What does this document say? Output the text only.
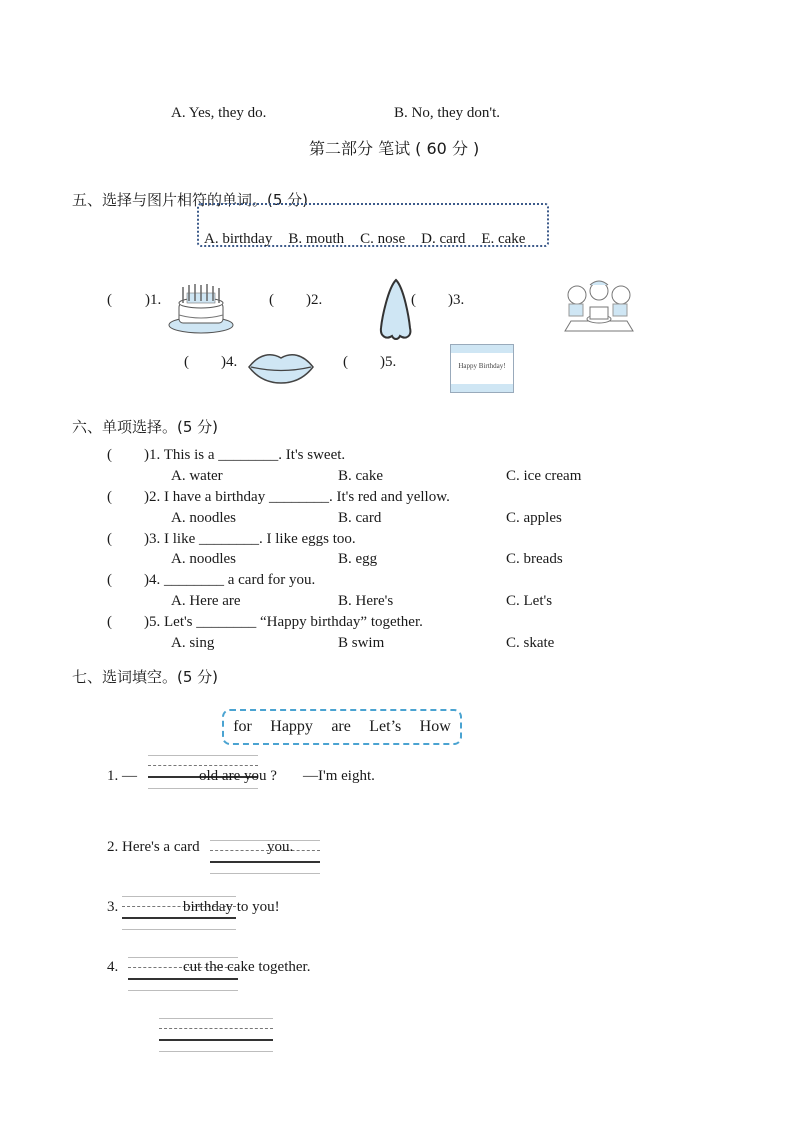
A. Yes, they do.	B. No, they don't.
第二部分 笔试 ( 60 分 )
五、选择与图片相符的单词。(5 分)
A. birthday B. mouth C. nose D. card E. cake
( )1.	( )2.	( )3.
( )4.	( )5.	Happy Birthday!
六、单项选择。(5 分)
( )1. This is a ________. It's sweet.
A. water	B. cake	C. ice cream
( )2. I have a birthday ________. It's red and yellow.
A. noodles	B. card	C. apples
( )3. I like ________. I like eggs too.
A. noodles	B. egg	C. breads
( )4. ________ a card for you.
A. Here are	B. Here's	C. Let's
( )5. Let's ________ “Happy birthday” together.
A. sing	B swim	C. skate
七、选词填空。(5 分)
for Happy are Let’s How
1. —	old are you ? —I'm eight.
2. Here's a card	you.
3.	birthday to you!
4.	cut the cake together.
